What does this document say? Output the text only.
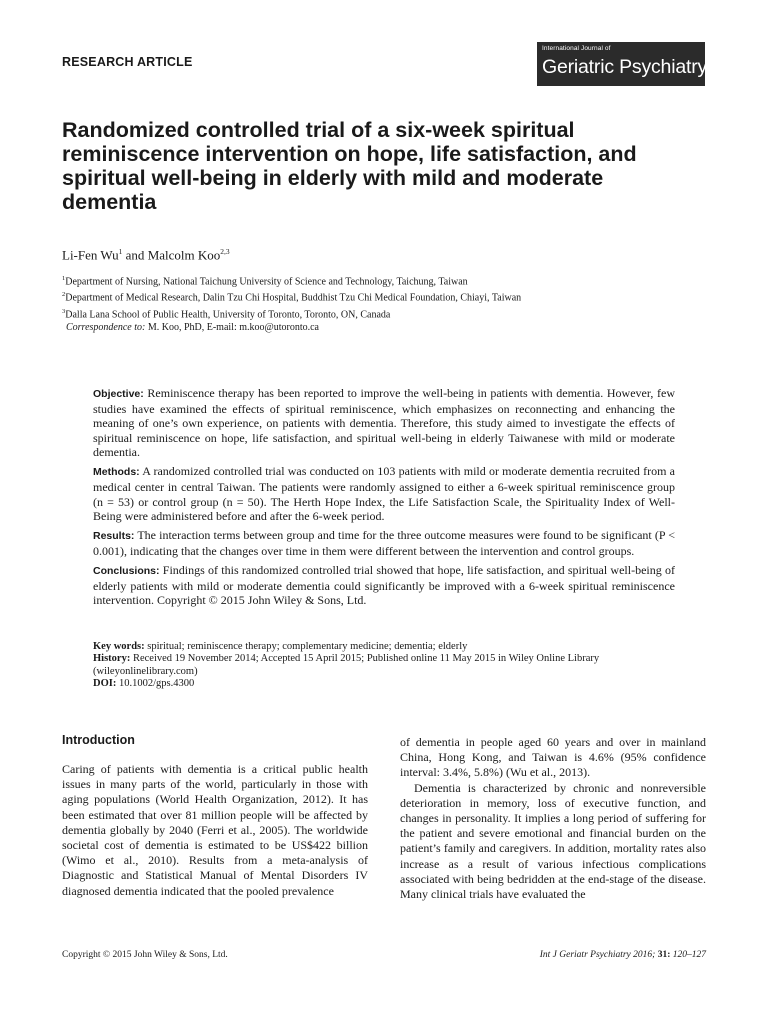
RESEARCH ARTICLE
International Journal of
Geriatric Psychiatry
Randomized controlled trial of a six-week spiritual reminiscence intervention on hope, life satisfaction, and spiritual well-being in elderly with mild and moderate dementia
Li-Fen Wu$^1$ and Malcolm Koo$^{2,3}$
$^1$Department of Nursing, National Taichung University of Science and Technology, Taichung, Taiwan
$^2$Department of Medical Research, Dalin Tzu Chi Hospital, Buddhist Tzu Chi Medical Foundation, Chiayi, Taiwan
$^3$Dalla Lana School of Public Health, University of Toronto, Toronto, ON, Canada
Correspondence to: M. Koo, PhD, E-mail: m.koo@utoronto.ca

Objective: Reminiscence therapy has been reported to improve the well-being in patients with dementia. However, few studies have examined the effects of spiritual reminiscence, which emphasizes on reconnecting and enhancing the meaning of one’s own experience, on patients with dementia. Therefore, this study aimed to investigate the effects of spiritual reminiscence on hope, life satisfaction, and spiritual well-being in elderly Taiwanese with mild or moderate dementia.

Methods: A randomized controlled trial was conducted on 103 patients with mild or moderate dementia recruited from a medical center in central Taiwan. The patients were randomly assigned to either a 6-week spiritual reminiscence group (n = 53) or control group (n = 50). The Herth Hope Index, the Life Satisfaction Scale, the Spirituality Index of Well-Being were administered before and after the 6-week period.

Results: The interaction terms between group and time for the three outcome measures were found to be significant (P < 0.001), indicating that the changes over time in them were different between the intervention and control groups.

Conclusions: Findings of this randomized controlled trial showed that hope, life satisfaction, and spiritual well-being of elderly patients with mild or moderate dementia could significantly be improved with a 6-week spiritual reminiscence intervention. Copyright © 2015 John Wiley & Sons, Ltd.

Key words: spiritual; reminiscence therapy; complementary medicine; dementia; elderly

History: Received 19 November 2014; Accepted 15 April 2015; Published online 11 May 2015 in Wiley Online Library (wileyonlinelibrary.com)

DOI: 10.1002/gps.4300

Introduction

Caring of patients with dementia is a critical public health issues in many parts of the world, particularly in those with aging populations (World Health Organization, 2012). It has been estimated that over 81 million people will be affected by dementia globally by 2040 (Ferri et al., 2005). The worldwide societal cost of dementia is estimated to be US$422 billion (Wimo et al., 2010). Results from a meta-analysis of Diagnostic and Statistical Manual of Mental Disorders IV diagnosed dementia indicated that the pooled prevalence

of dementia in people aged 60 years and over in mainland China, Hong Kong, and Taiwan is 4.6% (95% confidence interval: 3.4%, 5.8%) (Wu et al., 2013).

Dementia is characterized by chronic and nonreversible deterioration in memory, loss of executive function, and changes in personality. It implies a long period of suffering for the patient and severe emotional and financial burden on the patient’s family and caregivers. In addition, mortality rates also increase as a result of various infectious complications associated with being bedridden at the end-stage of the disease. Many clinical trials have evaluated the

Copyright © 2015 John Wiley & Sons, Ltd.	Int J Geriatr Psychiatry 2016; 31: 120–127
